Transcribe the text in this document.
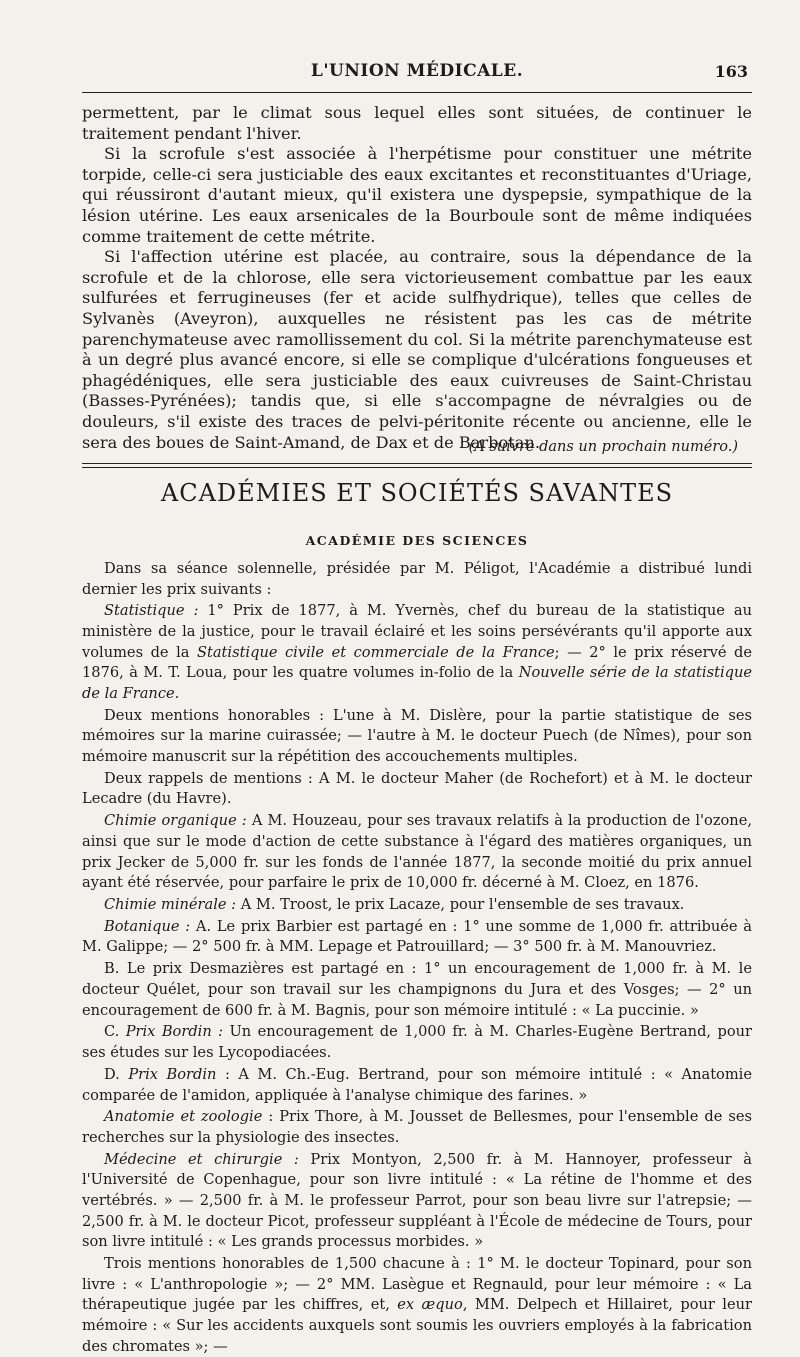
L'UNION MÉDICALE.	163

permettent, par le climat sous lequel elles sont situées, de continuer le traitement pendant l'hiver.

Si la scrofule s'est associée à l'herpétisme pour constituer une métrite torpide, celle-ci sera justiciable des eaux excitantes et reconstituantes d'Uriage, qui réussiront d'autant mieux, qu'il existera une dyspepsie, sympathique de la lésion utérine. Les eaux arsenicales de la Bourboule sont de même indiquées comme traitement de cette métrite.

Si l'affection utérine est placée, au contraire, sous la dépendance de la scrofule et de la chlorose, elle sera victorieusement combattue par les eaux sulfurées et ferrugineuses (fer et acide sulfhydrique), telles que celles de Sylvanès (Aveyron), auxquelles ne résistent pas les cas de métrite parenchymateuse avec ramollissement du col. Si la métrite parenchymateuse est à un degré plus avancé encore, si elle se complique d'ulcérations fongueuses et phagédéniques, elle sera justiciable des eaux cuivreuses de Saint-Christau (Basses-Pyrénées); tandis que, si elle s'accompagne de névralgies ou de douleurs, s'il existe des traces de pelvi-péritonite récente ou ancienne, elle le sera des boues de Saint-Amand, de Dax et de Barbotan.

(A suivre dans un prochain numéro.)
ACADÉMIES ET SOCIÉTÉS SAVANTES
ACADÉMIE DES SCIENCES

Dans sa séance solennelle, présidée par M. Péligot, l'Académie a distribué lundi dernier les prix suivants :

Statistique : 1° Prix de 1877, à M. Yvernès, chef du bureau de la statistique au ministère de la justice, pour le travail éclairé et les soins persévérants qu'il apporte aux volumes de la Statistique civile et commerciale de la France; — 2° le prix réservé de 1876, à M. T. Loua, pour les quatre volumes in-folio de la Nouvelle série de la statistique de la France.

Deux mentions honorables : L'une à M. Dislère, pour la partie statistique de ses mémoires sur la marine cuirassée; — l'autre à M. le docteur Puech (de Nîmes), pour son mémoire manuscrit sur la répétition des accouchements multiples.

Deux rappels de mentions : A M. le docteur Maher (de Rochefort) et à M. le docteur Lecadre (du Havre).

Chimie organique : A M. Houzeau, pour ses travaux relatifs à la production de l'ozone, ainsi que sur le mode d'action de cette substance à l'égard des matières organiques, un prix Jecker de 5,000 fr. sur les fonds de l'année 1877, la seconde moitié du prix annuel ayant été réservée, pour parfaire le prix de 10,000 fr. décerné à M. Cloez, en 1876.

Chimie minérale : A M. Troost, le prix Lacaze, pour l'ensemble de ses travaux.

Botanique : A. Le prix Barbier est partagé en : 1° une somme de 1,000 fr. attribuée à M. Galippe; — 2° 500 fr. à MM. Lepage et Patrouillard; — 3° 500 fr. à M. Manouvriez.

B. Le prix Desmazières est partagé en : 1° un encouragement de 1,000 fr. à M. le docteur Quélet, pour son travail sur les champignons du Jura et des Vosges; — 2° un encouragement de 600 fr. à M. Bagnis, pour son mémoire intitulé : « La puccinie. »

C. Prix Bordin : Un encouragement de 1,000 fr. à M. Charles-Eugène Bertrand, pour ses études sur les Lycopodiacées.

D. Prix Bordin : A M. Ch.-Eug. Bertrand, pour son mémoire intitulé : « Anatomie comparée de l'amidon, appliquée à l'analyse chimique des farines. »

Anatomie et zoologie : Prix Thore, à M. Jousset de Bellesmes, pour l'ensemble de ses recherches sur la physiologie des insectes.

Médecine et chirurgie : Prix Montyon, 2,500 fr. à M. Hannoyer, professeur à l'Université de Copenhague, pour son livre intitulé : « La rétine de l'homme et des vertébrés. » — 2,500 fr. à M. le professeur Parrot, pour son beau livre sur l'atrepsie; — 2,500 fr. à M. le docteur Picot, professeur suppléant à l'École de médecine de Tours, pour son livre intitulé : « Les grands processus morbides. »

Trois mentions honorables de 1,500 chacune à : 1° M. le docteur Topinard, pour son livre : « L'anthropologie »; — 2° MM. Lasègue et Regnauld, pour leur mémoire : « La thérapeutique jugée par les chiffres, et, ex æquo, MM. Delpech et Hillairet, pour leur mémoire : « Sur les accidents auxquels sont soumis les ouvriers employés à la fabrication des chromates »; —
